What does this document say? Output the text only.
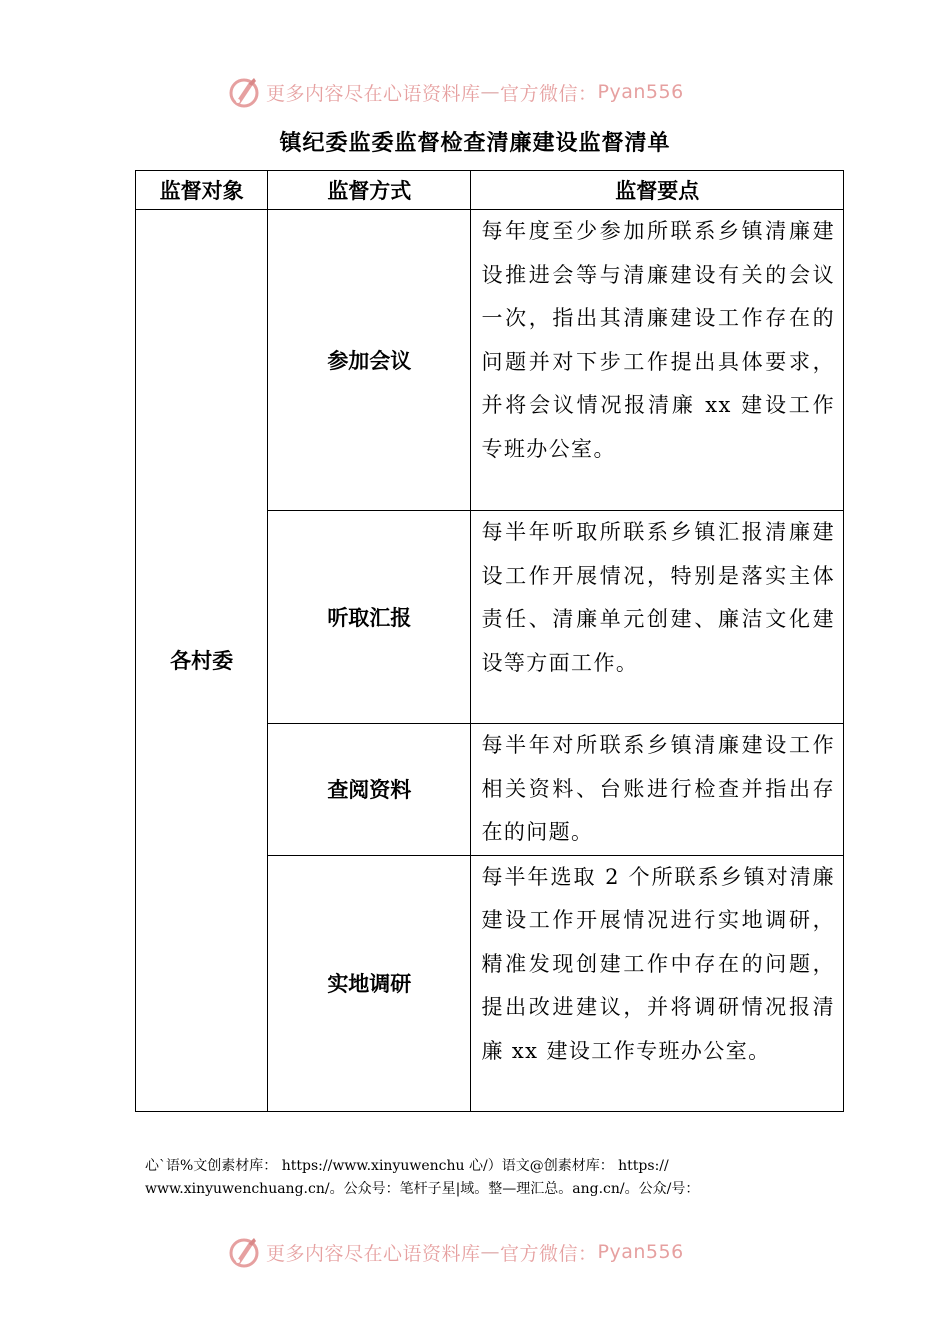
更多内容尽在心语资料库 — 官方微信： Pyan556
镇纪委监委监督检查清廉建设监督清单
监督对象	监督方式	监督要点
各村委	参加会议	每年度至少参加所联系乡镇清廉建设推进会等与清廉建设有关的会议一次，指出其清廉建设工作存在的问题并对下步工作提出具体要求，并将会议情况报清廉 xx 建设工作专班办公室。
	听取汇报	每半年听取所联系乡镇汇报清廉建设工作开展情况，特别是落实主体责任、清廉单元创建、廉洁文化建设等方面工作。
	查阅资料	每半年对所联系乡镇清廉建设工作相关资料、台账进行检查并指出存在的问题。
	实地调研	每半年选取 2 个所联系乡镇对清廉建设工作开展情况进行实地调研，精准发现创建工作中存在的问题，提出改进建议，并将调研情况报清廉 xx 建设工作专班办公室。
心`语%文创素材库： https://www.xinyuwenchu 心/）语文@创素材库： https://
www.xinyuwenchuang.cn/。公众号：笔杆子星|域。整—理汇总。ang.cn/。公众/号：
更多内容尽在心语资料库 — 官方微信： Pyan556
